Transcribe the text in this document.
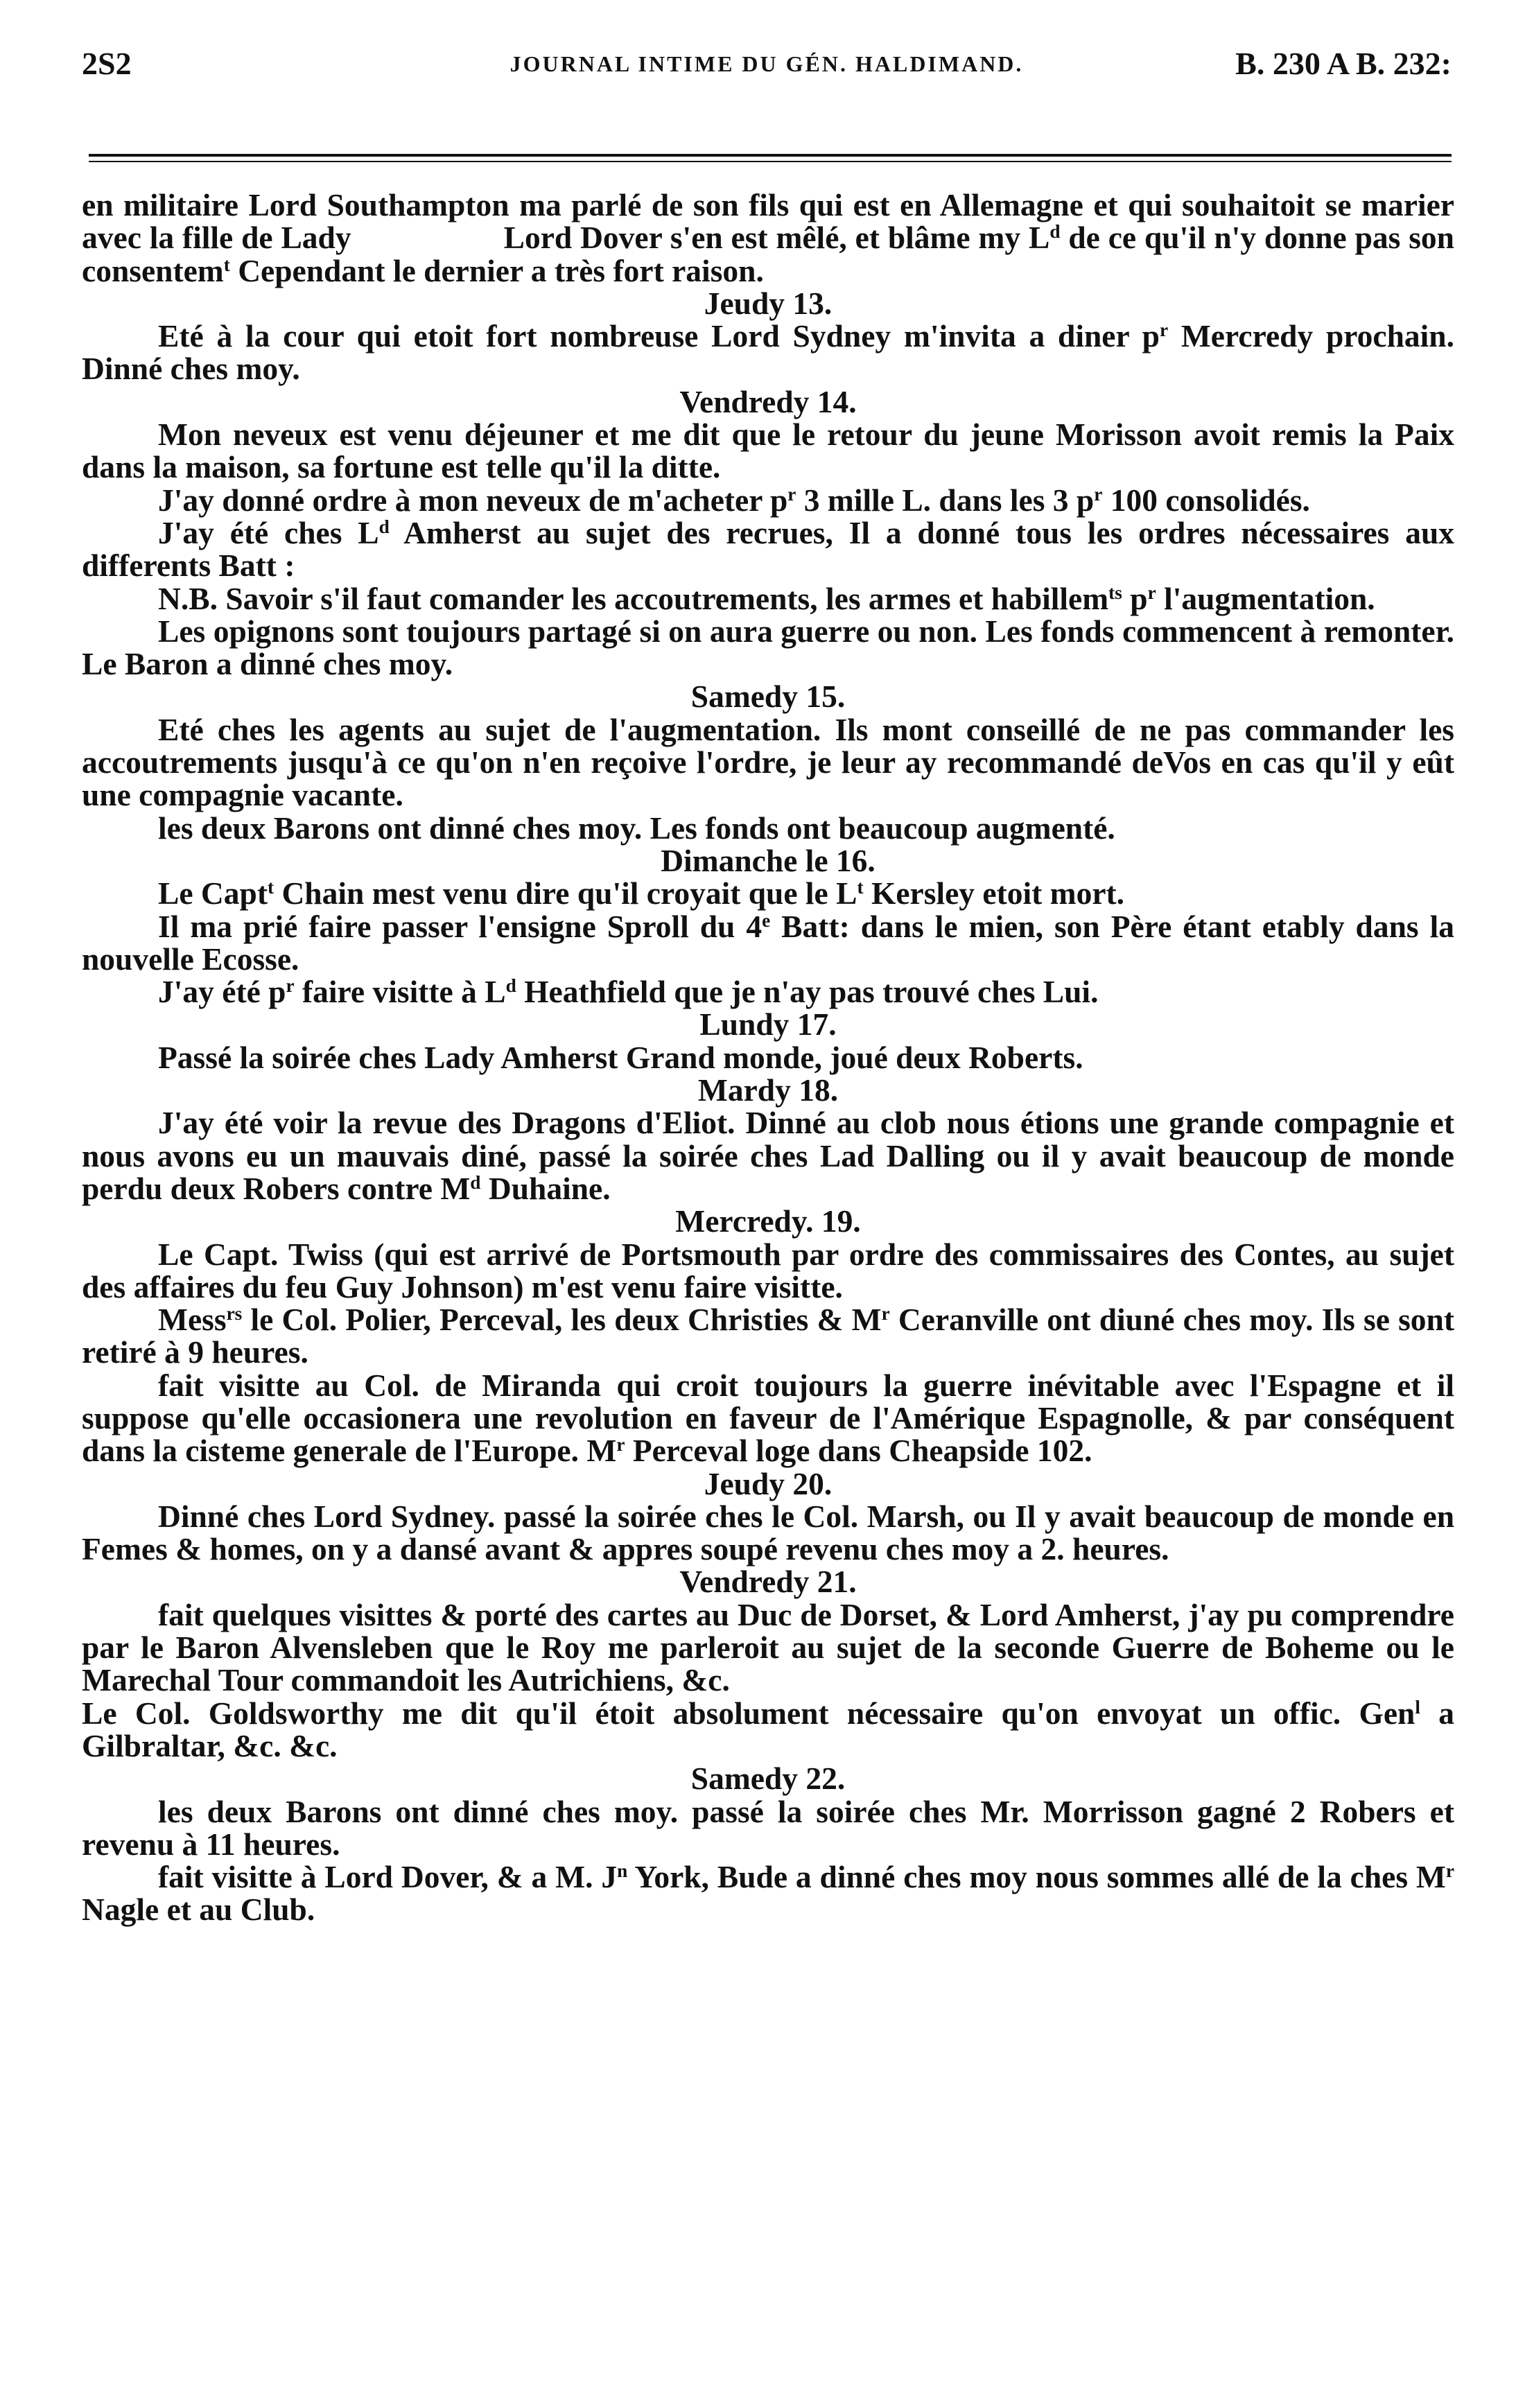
2S2	JOURNAL INTIME DU GÉN. HALDIMAND.	B. 230 A B. 232:

en militaire Lord Southampton ma parlé de son fils qui est en Allemagne et qui souhaitoit se marier avec la fille de Lady	Lord Dover s'en est mêlé, et blâme my $L^d$ de ce qu'il n'y donne pas son consentem$^t$ Cependant le dernier a très fort raison.

Jeudy 13.

Eté à la cour qui etoit fort nombreuse Lord Sydney m'invita a diner $p^r$ Mercredy prochain. Dinné ches moy.

Vendredy 14.

Mon neveux est venu déjeuner et me dit que le retour du jeune Morisson avoit remis la Paix dans la maison, sa fortune est telle qu'il la ditte.

J'ay donné ordre à mon neveux de m'acheter $p^r$ 3 mille L. dans les 3 $p^r$ 100 consolidés.

J'ay été ches $L^d$ Amherst au sujet des recrues, Il a donné tous les ordres nécessaires aux differents Batt :

N.B. Savoir s'il faut comander les accoutrements, les armes et habillem$^{ts}$ $p^r$ l'augmentation.

Les opignons sont toujours partagé si on aura guerre ou non. Les fonds commencent à remonter. Le Baron a dinné ches moy.

Samedy 15.

Eté ches les agents au sujet de l'augmentation. Ils mont conseillé de ne pas commander les accoutrements jusqu'à ce qu'on n'en reçoive l'ordre, je leur ay recommandé deVos en cas qu'il y eût une compagnie vacante.

les deux Barons ont dinné ches moy. Les fonds ont beaucoup augmenté.

Dimanche le 16.

Le Capt$^t$ Chain mest venu dire qu'il croyait que le $L^t$ Kersley etoit mort.

Il ma prié faire passer l'ensigne Sproll du 4e Batt: dans le mien, son Père étant etably dans la nouvelle Ecosse.

J'ay été $p^r$ faire visitte à $L^d$ Heathfield que je n'ay pas trouvé ches Lui.

Lundy 17.

Passé la soirée ches Lady Amherst Grand monde, joué deux Roberts.

Mardy 18.

J'ay été voir la revue des Dragons d'Eliot. Dinné au clob nous étions une grande compagnie et nous avons eu un mauvais diné, passé la soirée ches Lad Dalling ou il y avait beaucoup de monde perdu deux Robers contre $M^d$ Duhaine.

Mercredy. 19.

Le Capt. Twiss (qui est arrivé de Portsmouth par ordre des commissaires des Contes, au sujet des affaires du feu Guy Johnson) m'est venu faire visitte.

Mess$^{rs}$ le Col. Polier, Perceval, les deux Christies & $M^r$ Ceranville ont diuné ches moy. Ils se sont retiré à 9 heures.

fait visitte au Col. de Miranda qui croit toujours la guerre inévitable avec l'Espagne et il suppose qu'elle occasionera une revolution en faveur de l'Amérique Espagnolle, & par conséquent dans la cisteme generale de l'Europe. $M^r$ Perceval loge dans Cheapside 102.

Jeudy 20.

Dinné ches Lord Sydney. passé la soirée ches le Col. Marsh, ou Il y avait beaucoup de monde en Femes & homes, on y a dansé avant & appres soupé revenu ches moy a 2. heures.

Vendredy 21.

fait quelques visittes & porté des cartes au Duc de Dorset, & Lord Amherst, j'ay pu comprendre par le Baron Alvensleben que le Roy me parleroit au sujet de la seconde Guerre de Boheme ou le Marechal Tour commandoit les Autrichiens, &c.

Le Col. Goldsworthy me dit qu'il étoit absolument nécessaire qu'on envoyat un offic. Gen$^l$ a Gilbraltar, &c. &c.

Samedy 22.

les deux Barons ont dinné ches moy. passé la soirée ches Mr. Morrisson gagné 2 Robers et revenu à 11 heures.

fait visitte à Lord Dover, & a M. $J^n$ York, Bude a dinné ches moy nous sommes allé de la ches $M^r$ Nagle et au Club.
